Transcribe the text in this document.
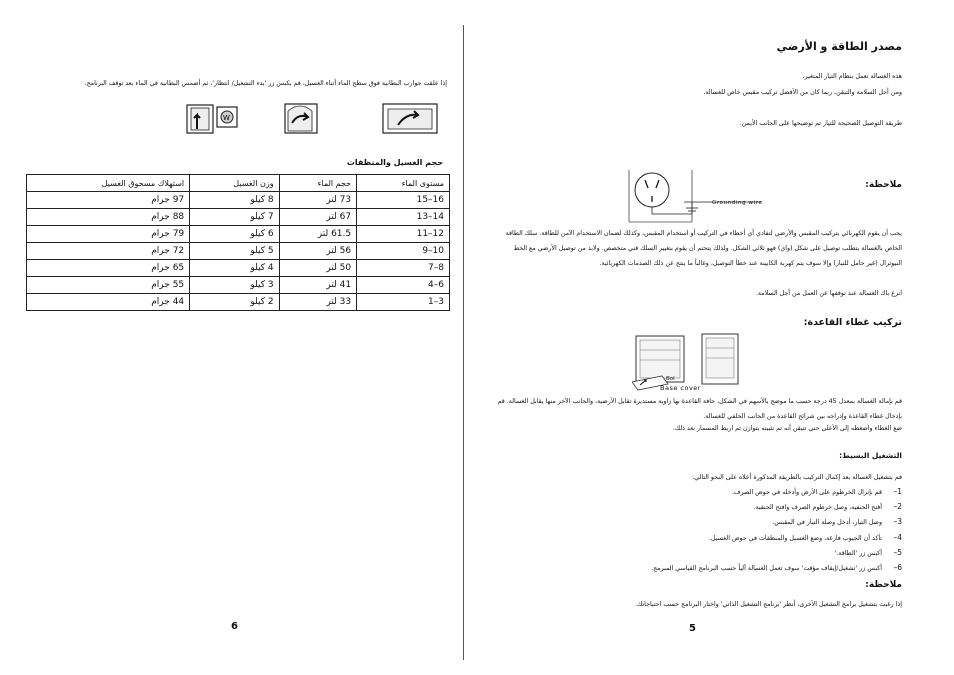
إذا علقت جوارب البطانية فوق سطح الماء أثناء الغسيل، قم بكبس زر 'بدء التشغيل/ انتظار'، ثم أضمس البطانية في الماء بعد توقف البرنامج.
W
حجم الغسيل والمنظفات
مستوى الماء	حجم الماء	وزن الغسيل	استهلاك مسحوق الغسيل
16–15	73 لتر	8 كيلو	97 جرام
14–13	67 لتر	7 كيلو	88 جرام
12–11	61.5 لتر	6 كيلو	79 جرام
10–9	56 لتر	5 كيلو	72 جرام
8–7	50 لتر	4 كيلو	65 جرام
6–4	41 لتر	3 كيلو	55 جرام
3–1	33 لتر	2 كيلو	44 جرام
6
مصدر الطاقة و الأرضي
هذه الغسالة تعمل بنظام التيار المتغير،
ومن أجل السلامة والتيقن، ربما كان من الأفضل تركيب مقبس خاص للغسالة.
طريقة التوصيل الصحيحة للتيار تم توضيحها على الجانب الأيمن.
ملاحظة:
Grounding wire
يجب أن يقوم الكهربائي بتركيب المقبس والأرضي لتفادي أي أخطاء في التركيب أو استخدام المقبس، وكذلك لضمان الاستخدام الآمن للطاقة. سلك الطاقة الخاص بالغسالة يتطلب توصيل على شكل (واي) فهو ثلاثي الشكل. ولذلك يتحتم أن يقوم بتغيير السلك فني متخصص. ولابد من توصيل الأرضي مع الخط النيوترال (غير حامل للتيار) وإلا سوف يتم كهربة الكابينة عند خطأ التوصيل، وغالباً ما ينتج عن ذلك الصدمات الكهربائية.
انزع باك الغسالة عند توقفها عن العمل من أجل السلامة.
تركيب غطاء القاعدة:
Bol
Base cover
قم بإمالة الغسالة بمعدل 45 درجة حسب ما موضح بالأسهم في الشكل، حافة القاعدة بها زاوية مستديرة تقابل الأرضية، والجانب الآخر منها يقابل الغسالة. قم بإدخال غطاء القاعدة وإدراجه بين شرائح القاعدة من الجانب الخلفي للغسالة.
ضع الغطاء واضغطه إلى الأعلى حتى تتيقن أنه تم تثبيته بتوازن ثم اربط المسمار بعد ذلك.
التشغيل البسيط:
قم بتشغيل الغسالة بعد إكمال التركيب بالطريقة المذكورة أعلاه على النحو التالي:
1–قم بإنزال الخرطوم على الأرض وأدخله في حوض الصرف.
2–أفتح الحنفية، وصل خرطوم الصرف وافتح الحنفية.
3–وصل التيار، أدخل وصلة التيار في المقبس.
4–تأكد أن الجيوب فارغة، وضع الغسيل والمنظفات في حوض الغسيل.
5–أكبس زر 'الطاقة.'
6–أكبس زر 'تشغيل/إيقاف مؤقت' سوف تعمل الغسالة آلياً حسب البرنامج القياسي المبرمج.
ملاحظة:
إذا رغبت بتشغيل برامج التشغيل الأخرى، أنظر 'برنامج التشغيل الذاتي' واختار البرنامج حسب احتياجاتك.
5
